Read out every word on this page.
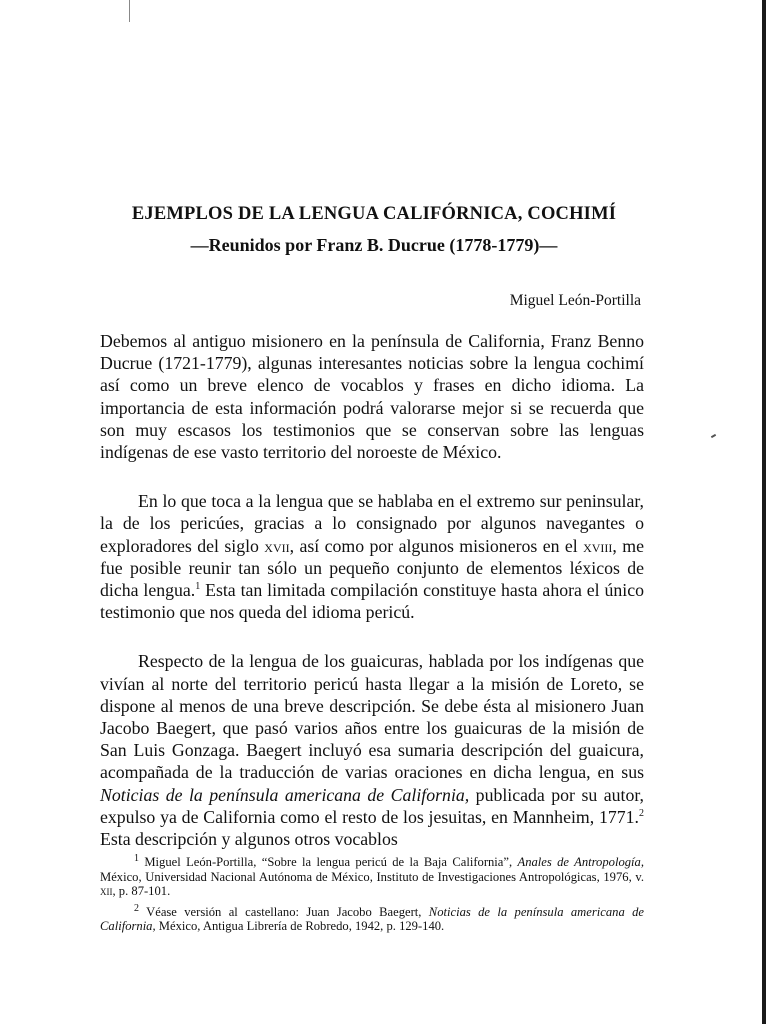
EJEMPLOS DE LA LENGUA CALIFÓRNICA, COCHIMÍ
—Reunidos por Franz B. Ducrue (1778-1779)—

Miguel León-Portilla

Debemos al antiguo misionero en la península de California, Franz Benno Ducrue (1721-1779), algunas interesantes noticias sobre la lengua cochimí así como un breve elenco de vocablos y frases en dicho idioma. La importancia de esta información podrá valorarse mejor si se recuerda que son muy escasos los testimonios que se conservan sobre las lenguas indígenas de ese vasto territorio del noroeste de México.

En lo que toca a la lengua que se hablaba en el extremo sur peninsular, la de los pericúes, gracias a lo consignado por algunos navegantes o exploradores del siglo xvii, así como por algunos misioneros en el xviii, me fue posible reunir tan sólo un pequeño conjunto de elementos léxicos de dicha lengua.$^1$ Esta tan limitada compilación constituye hasta ahora el único testimonio que nos queda del idioma pericú.

Respecto de la lengua de los guaicuras, hablada por los indígenas que vivían al norte del territorio pericú hasta llegar a la misión de Loreto, se dispone al menos de una breve descripción. Se debe ésta al misionero Juan Jacobo Baegert, que pasó varios años entre los guaicuras de la misión de San Luis Gonzaga. Baegert incluyó esa sumaria descripción del guaicura, acompañada de la traducción de varias oraciones en dicha lengua, en sus Noticias de la península americana de California, publicada por su autor, expulso ya de California como el resto de los jesuitas, en Mannheim, 1771.$^2$ Esta descripción y algunos otros vocablos

$^1$ Miguel León-Portilla, “Sobre la lengua pericú de la Baja California”, Anales de Antropología, México, Universidad Nacional Autónoma de México, Instituto de Investigaciones Antropológicas, 1976, v. xii, p. 87-101.

$^2$ Véase versión al castellano: Juan Jacobo Baegert, Noticias de la península americana de California, México, Antigua Librería de Robredo, 1942, p. 129-140.
